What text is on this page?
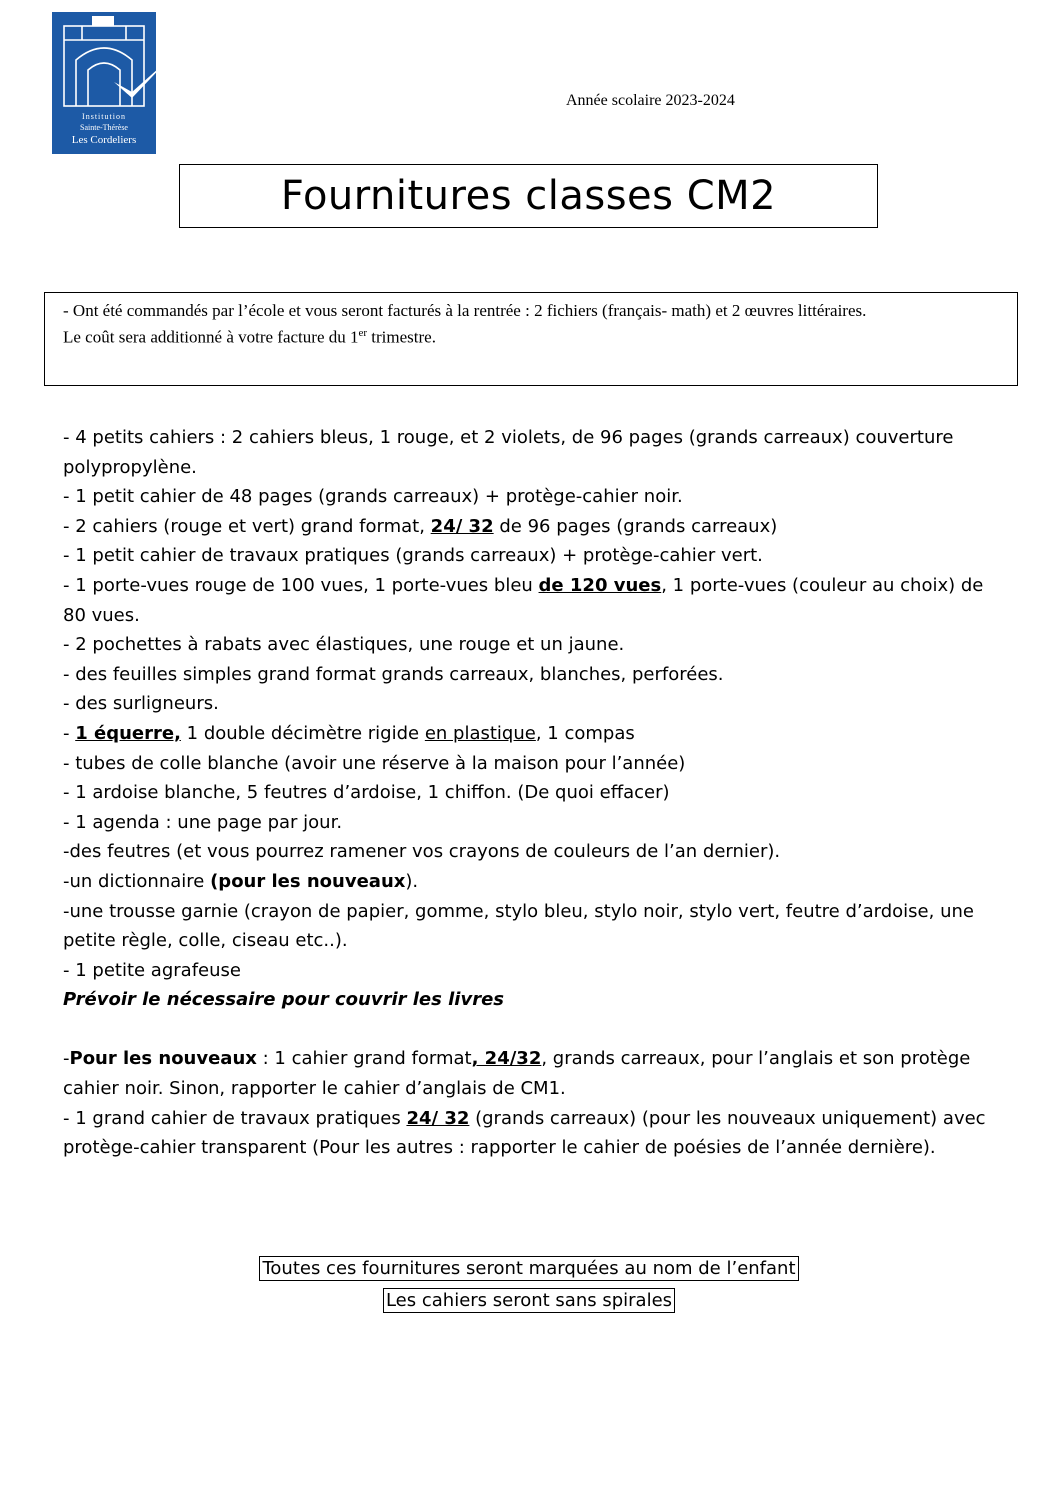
Institution
Sainte-Thérèse
Les Cordeliers
Année scolaire 2023-2024
Fournitures classes CM2

- Ont été commandés par l’école et vous seront facturés à la rentrée : 2 fichiers (français- math) et 2 œuvres littéraires.

Le coût sera additionné à votre facture du 1er trimestre.

- 4 petits cahiers : 2 cahiers bleus, 1 rouge, et 2 violets, de 96 pages (grands carreaux) couverture polypropylène.

- 1 petit cahier de 48 pages (grands carreaux) + protège-cahier noir.

- 2 cahiers (rouge et vert) grand format, 24/ 32 de 96 pages (grands carreaux)

- 1 petit cahier de travaux pratiques (grands carreaux) + protège-cahier vert.

- 1 porte-vues rouge de 100 vues, 1 porte-vues bleu de 120 vues, 1 porte-vues (couleur au choix) de 80 vues.

- 2 pochettes à rabats avec élastiques, une rouge et un jaune.

- des feuilles simples grand format grands carreaux, blanches, perforées.

- des surligneurs.

- 1 équerre, 1 double décimètre rigide en plastique, 1 compas

- tubes de colle blanche (avoir une réserve à la maison pour l’année)

- 1 ardoise blanche, 5 feutres d’ardoise, 1 chiffon. (De quoi effacer)

- 1 agenda : une page par jour.

-des feutres (et vous pourrez ramener vos crayons de couleurs de l’an dernier).

-un dictionnaire (pour les nouveaux).

-une trousse garnie (crayon de papier, gomme, stylo bleu, stylo noir, stylo vert, feutre d’ardoise, une petite règle, colle, ciseau etc..).

- 1 petite agrafeuse

Prévoir le nécessaire pour couvrir les livres

-Pour les nouveaux : 1 cahier grand format, 24/32, grands carreaux, pour l’anglais et son protège cahier noir. Sinon, rapporter le cahier d’anglais de CM1.

- 1 grand cahier de travaux pratiques 24/ 32 (grands carreaux) (pour les nouveaux uniquement) avec protège-cahier transparent (Pour les autres : rapporter le cahier de poésies de l’année dernière).

Toutes ces fournitures seront marquées au nom de l’enfant
Les cahiers seront sans spirales
